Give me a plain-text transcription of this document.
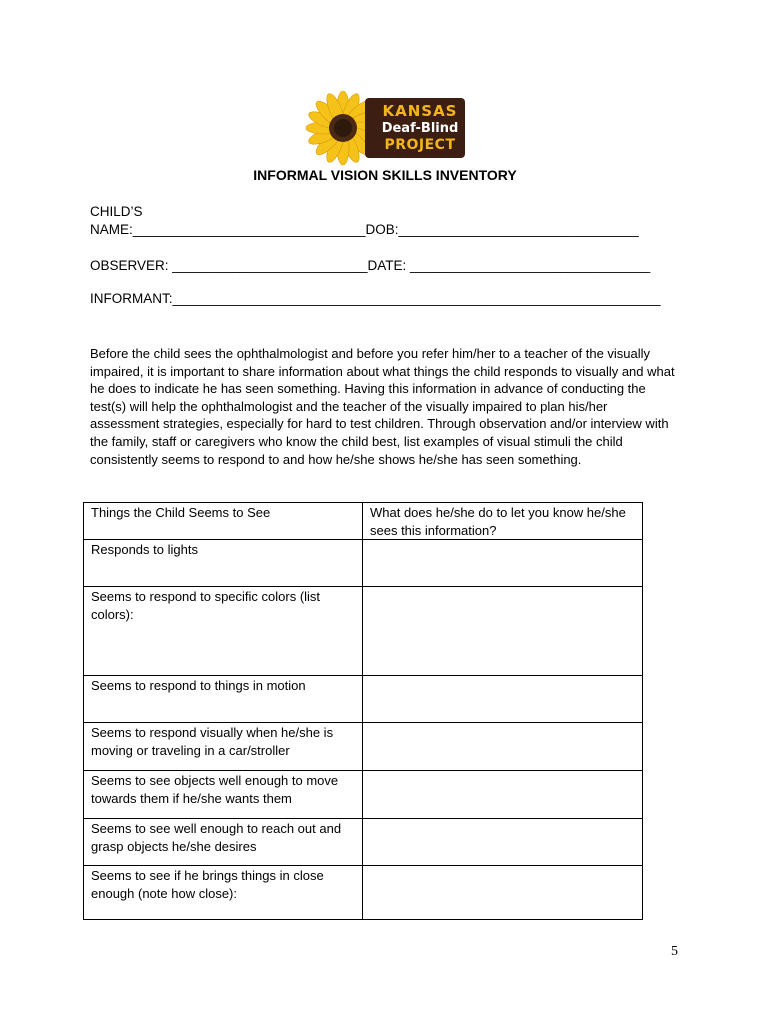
KANSAS
Deaf-Blind
PROJECT
INFORMAL VISION SKILLS INVENTORY
CHILD’S
NAME:_______________________________DOB:________________________________
OBSERVER: __________________________DATE: ________________________________
INFORMANT:_________________________________________________________________
Before the child sees the ophthalmologist and before you refer him/her to a teacher of the visually impaired, it is important to share information about what things the child responds to visually and what he does to indicate he has seen something. Having this information in advance of conducting the test(s) will help the ophthalmologist and the teacher of the visually impaired to plan his/her assessment strategies, especially for hard to test children. Through observation and/or interview with the family, staff or caregivers who know the child best, list examples of visual stimuli the child consistently seems to respond to and how he/she shows he/she has seen something.
Things the Child Seems to See	What does he/she do to let you know he/she sees this information?
Responds to lights	
Seems to respond to specific colors (list colors):	
Seems to respond to things in motion	
Seems to respond visually when he/she is moving or traveling in a car/stroller	
Seems to see objects well enough to move towards them if he/she wants them	
Seems to see well enough to reach out and grasp objects he/she desires	
Seems to see if he brings things in close enough (note how close):	
5
